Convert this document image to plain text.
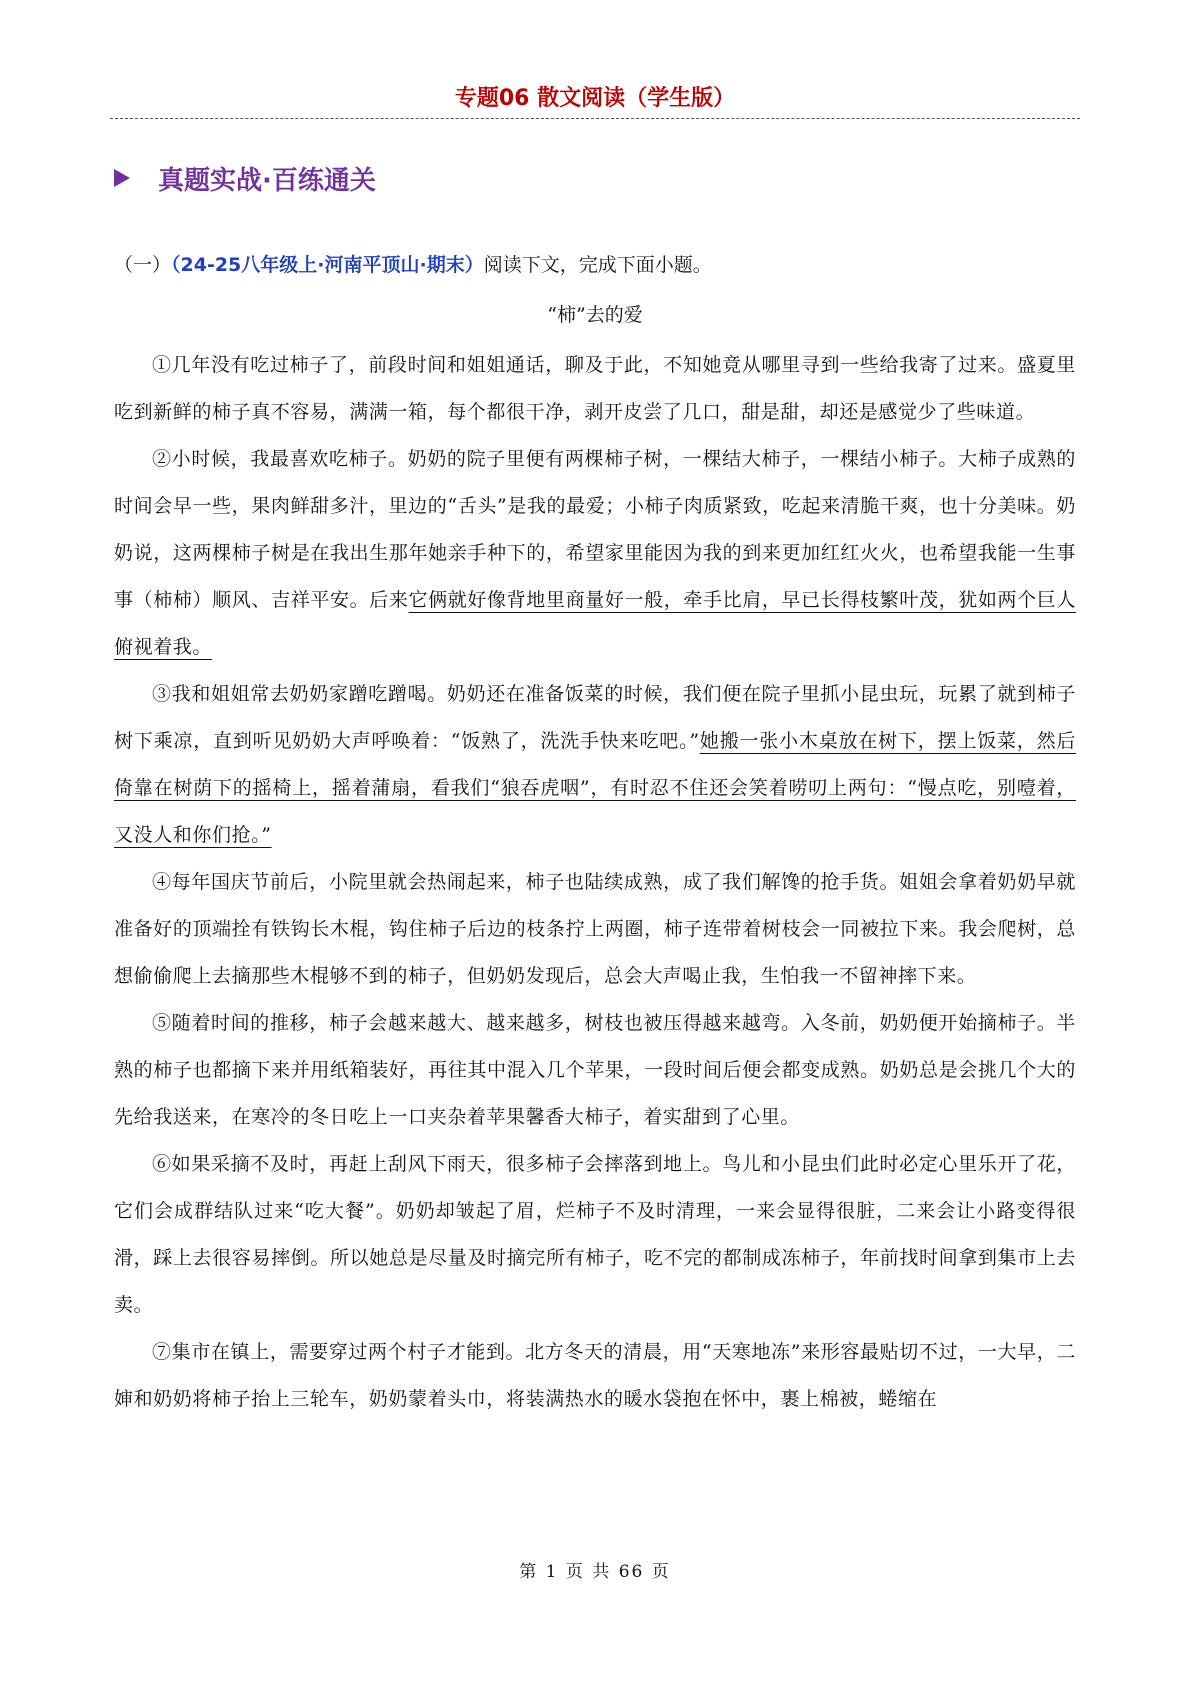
专题06 散文阅读（学生版）
真题实战·百练通关
（一）（24-25八年级上·河南平顶山·期末）阅读下文，完成下面小题。
“柿”去的爱

①几年没有吃过柿子了，前段时间和姐姐通话，聊及于此，不知她竟从哪里寻到一些给我寄了过来。盛夏里吃到新鲜的柿子真不容易，满满一箱，每个都很干净，剥开皮尝了几口，甜是甜，却还是感觉少了些味道。

②小时候，我最喜欢吃柿子。奶奶的院子里便有两棵柿子树，一棵结大柿子，一棵结小柿子。大柿子成熟的时间会早一些，果肉鲜甜多汁，里边的“舌头”是我的最爱；小柿子肉质紧致，吃起来清脆干爽，也十分美味。奶奶说，这两棵柿子树是在我出生那年她亲手种下的，希望家里能因为我的到来更加红红火火，也希望我能一生事事（柿柿）顺风、吉祥平安。后来它俩就好像背地里商量好一般，牵手比肩，早已长得枝繁叶茂，犹如两个巨人俯视着我。

③我和姐姐常去奶奶家蹭吃蹭喝。奶奶还在准备饭菜的时候，我们便在院子里抓小昆虫玩，玩累了就到柿子树下乘凉，直到听见奶奶大声呼唤着：“饭熟了，洗洗手快来吃吧。”她搬一张小木桌放在树下，摆上饭菜，然后倚靠在树荫下的摇椅上，摇着蒲扇，看我们“狼吞虎咽”，有时忍不住还会笑着唠叨上两句：“慢点吃，别噎着，又没人和你们抢。”

④每年国庆节前后，小院里就会热闹起来，柿子也陆续成熟，成了我们解馋的抢手货。姐姐会拿着奶奶早就准备好的顶端拴有铁钩长木棍，钩住柿子后边的枝条拧上两圈，柿子连带着树枝会一同被拉下来。我会爬树，总想偷偷爬上去摘那些木棍够不到的柿子，但奶奶发现后，总会大声喝止我，生怕我一不留神摔下来。

⑤随着时间的推移，柿子会越来越大、越来越多，树枝也被压得越来越弯。入冬前，奶奶便开始摘柿子。半熟的柿子也都摘下来并用纸箱装好，再往其中混入几个苹果，一段时间后便会都变成熟。奶奶总是会挑几个大的先给我送来，在寒冷的冬日吃上一口夹杂着苹果馨香大柿子，着实甜到了心里。

⑥如果采摘不及时，再赶上刮风下雨天，很多柿子会摔落到地上。鸟儿和小昆虫们此时必定心里乐开了花，它们会成群结队过来“吃大餐”。奶奶却皱起了眉，烂柿子不及时清理，一来会显得很脏，二来会让小路变得很滑，踩上去很容易摔倒。所以她总是尽量及时摘完所有柿子，吃不完的都制成冻柿子，年前找时间拿到集市上去卖。

⑦集市在镇上，需要穿过两个村子才能到。北方冬天的清晨，用“天寒地冻”来形容最贴切不过，一大早，二婶和奶奶将柿子抬上三轮车，奶奶蒙着头巾，将装满热水的暖水袋抱在怀中，裹上棉被，蜷缩在

第 1 页 共 66 页
